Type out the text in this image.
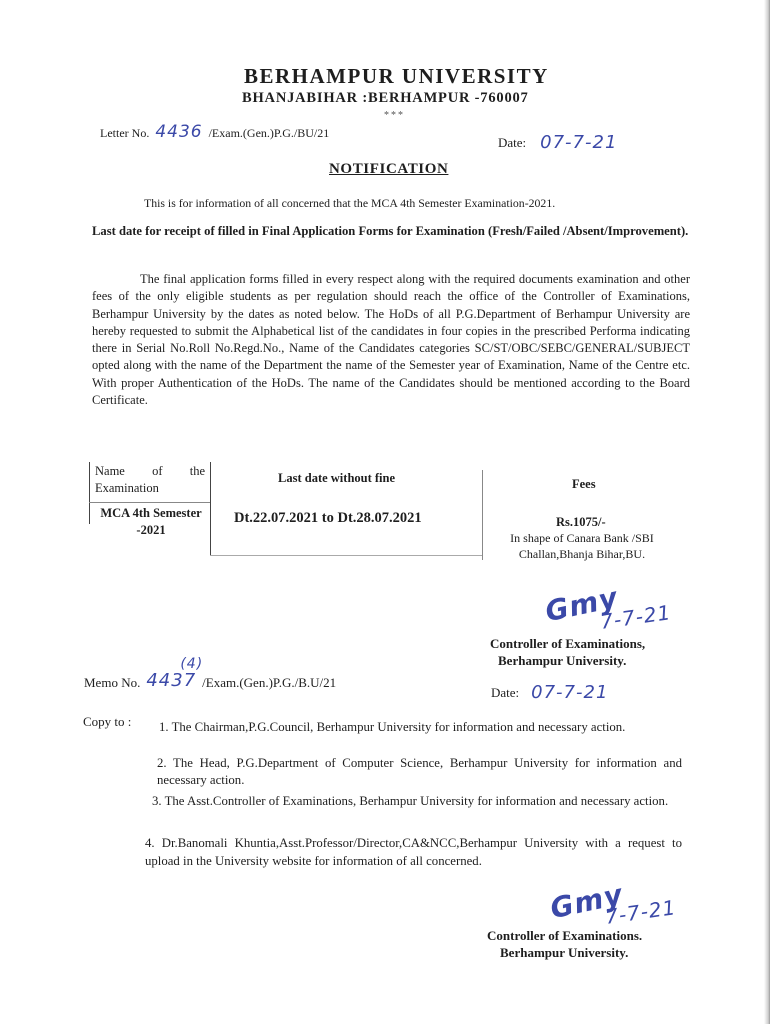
BERHAMPUR UNIVERSITY
BHANJABIHAR :BERHAMPUR -760007
***
Letter No. 4436 /Exam.(Gen.)P.G./BU/21
Date: 07-7-21
NOTIFICATION
This is for information of all concerned that the MCA 4th Semester Examination-2021.
Last date for receipt of filled in Final Application Forms for Examination (Fresh/Failed /Absent/Improvement).
The final application forms filled in every respect along with the required documents examination and other fees of the only eligible students as per regulation should reach the office of the Controller of Examinations, Berhampur University by the dates as noted below. The HoDs of all P.G.Department of Berhampur University are hereby requested to submit the Alphabetical list of the candidates in four copies in the prescribed Performa indicating there in Serial No.Roll No.Regd.No., Name of the Candidates categories SC/ST/OBC/SEBC/GENERAL/SUBJECT opted along with the name of the Department the name of the Semester year of Examination, Name of the Centre etc. With proper Authentication of the HoDs. The name of the Candidates should be mentioned according to the Board Certificate.
Name of the Examination
Last date without fine	Fees
MCA 4th Semester -2021
Dt.22.07.2021 to Dt.28.07.2021	Rs.1075/-
In shape of Canara Bank /SBI Challan,Bhanja Bihar,BU.
Gmy
7-7-21
Controller of Examinations,
Berhampur University.
Memo No.
(4)
4437 /Exam.(Gen.)P.G./B.U/21
Date: 07-7-21
Copy to : 1. The Chairman,P.G.Council, Berhampur University for information and necessary action.
2. The Head, P.G.Department of Computer Science, Berhampur University for information and necessary action.
3. The Asst.Controller of Examinations, Berhampur University for information and necessary action.
4. Dr.Banomali Khuntia,Asst.Professor/Director,CA&NCC,Berhampur University with a request to upload in the University website for information of all concerned.
Gmy
7-7-21
Controller of Examinations.
Berhampur University.
